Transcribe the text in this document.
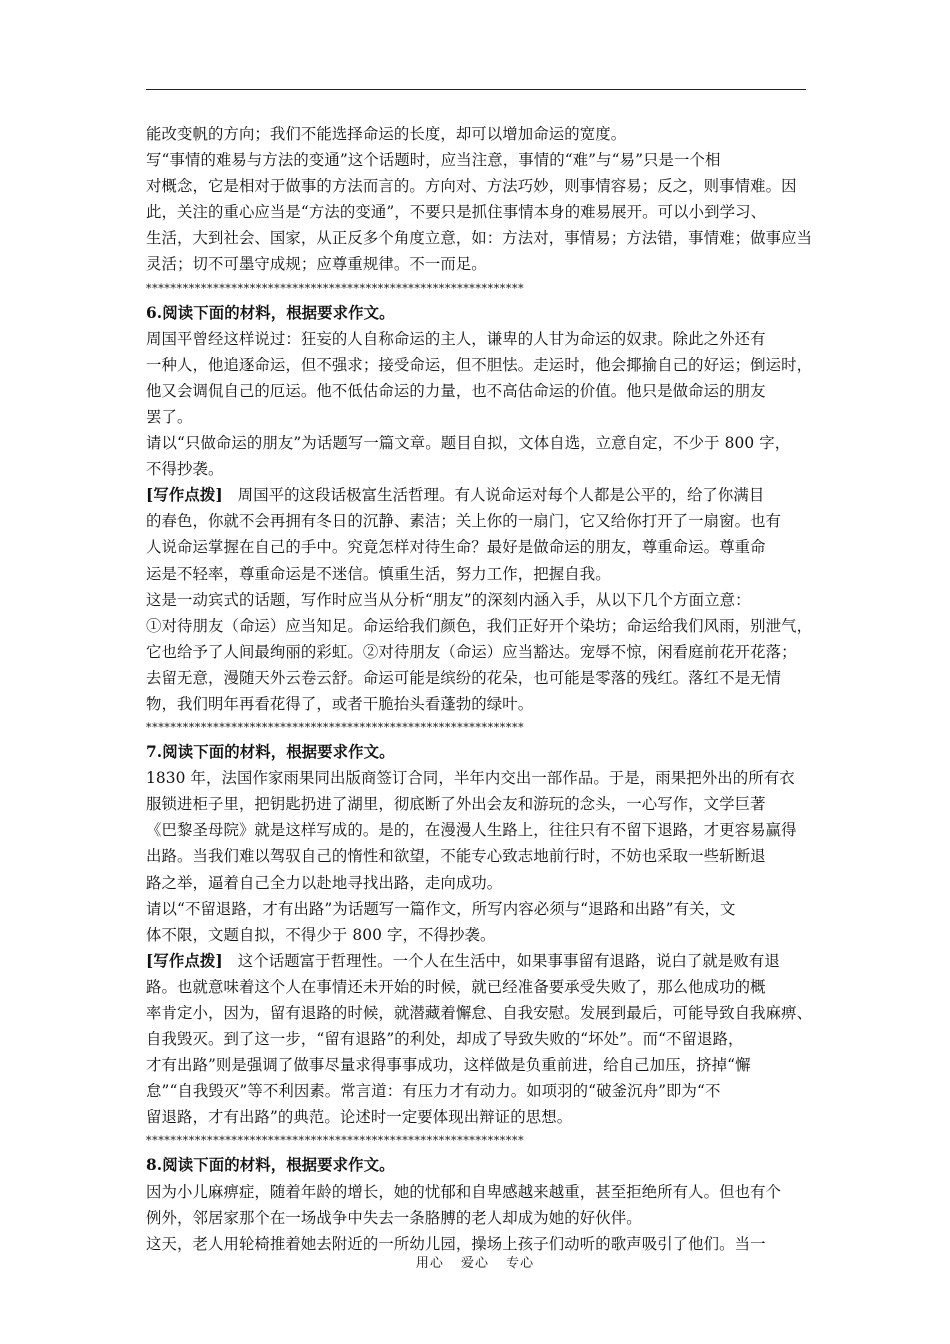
能改变帆的方向；我们不能选择命运的长度，却可以增加命运的宽度。
写“事情的难易与方法的变通”这个话题时，应当注意，事情的“难”与“易”只是一个相
对概念，它是相对于做事的方法而言的。方向对、方法巧妙，则事情容易；反之，则事情难。因
此，关注的重心应当是“方法的变通”，不要只是抓住事情本身的难易展开。可以小到学习、
生活，大到社会、国家，从正反多个角度立意，如：方法对，事情易；方法错，事情难；做事应当
灵活；切不可墨守成规；应尊重规律。不一而足。
**************************************************************
6.阅读下面的材料，根据要求作文。
周国平曾经这样说过：狂妄的人自称命运的主人，谦卑的人甘为命运的奴隶。除此之外还有
一种人，他追逐命运，但不强求；接受命运，但不胆怯。走运时，他会揶揄自己的好运；倒运时，
他又会调侃自己的厄运。他不低估命运的力量，也不高估命运的价值。他只是做命运的朋友
罢了。
请以“只做命运的朋友”为话题写一篇文章。题目自拟，文体自选，立意自定，不少于 800 字，
不得抄袭。
[写作点拨]   周国平的这段话极富生活哲理。有人说命运对每个人都是公平的，给了你满目
的春色，你就不会再拥有冬日的沉静、素洁；关上你的一扇门，它又给你打开了一扇窗。也有
人说命运掌握在自己的手中。究竟怎样对待生命？最好是做命运的朋友，尊重命运。尊重命
运是不轻率，尊重命运是不迷信。慎重生活，努力工作，把握自我。
这是一动宾式的话题，写作时应当从分析“朋友”的深刻内涵入手，从以下几个方面立意：
①对待朋友（命运）应当知足。命运给我们颜色，我们正好开个染坊；命运给我们风雨，别泄气，
它也给予了人间最绚丽的彩虹。②对待朋友（命运）应当豁达。宠辱不惊，闲看庭前花开花落；
去留无意，漫随天外云卷云舒。命运可能是缤纷的花朵，也可能是零落的残红。落红不是无情
物，我们明年再看花得了，或者干脆抬头看蓬勃的绿叶。
**************************************************************
7.阅读下面的材料，根据要求作文。
1830 年，法国作家雨果同出版商签订合同，半年内交出一部作品。于是，雨果把外出的所有衣
服锁进柜子里，把钥匙扔进了湖里，彻底断了外出会友和游玩的念头，一心写作，文学巨著
《巴黎圣母院》就是这样写成的。是的，在漫漫人生路上，往往只有不留下退路，才更容易赢得
出路。当我们难以驾驭自己的惰性和欲望，不能专心致志地前行时，不妨也采取一些斩断退
路之举，逼着自己全力以赴地寻找出路，走向成功。
请以“不留退路，才有出路”为话题写一篇作文，所写内容必须与“退路和出路”有关，文
体不限，文题自拟，不得少于 800 字，不得抄袭。
[写作点拨]   这个话题富于哲理性。一个人在生活中，如果事事留有退路，说白了就是败有退
路。也就意味着这个人在事情还未开始的时候，就已经准备要承受失败了，那么他成功的概
率肯定小，因为，留有退路的时候，就潜藏着懈怠、自我安慰。发展到最后，可能导致自我麻痹、
自我毁灭。到了这一步，“留有退路”的利处，却成了导致失败的“坏处”。而“不留退路，
才有出路”则是强调了做事尽量求得事事成功，这样做是负重前进，给自己加压，挤掉“懈
怠”“自我毁灭”等不利因素。常言道：有压力才有动力。如项羽的“破釜沉舟”即为“不
留退路，才有出路”的典范。论述时一定要体现出辩证的思想。
**************************************************************
8.阅读下面的材料，根据要求作文。
因为小儿麻痹症，随着年龄的增长，她的忧郁和自卑感越来越重，甚至拒绝所有人。但也有个
例外，邻居家那个在一场战争中失去一条胳膊的老人却成为她的好伙伴。
这天，老人用轮椅推着她去附近的一所幼儿园，操场上孩子们动听的歌声吸引了他们。当一
用心 爱心 专心
